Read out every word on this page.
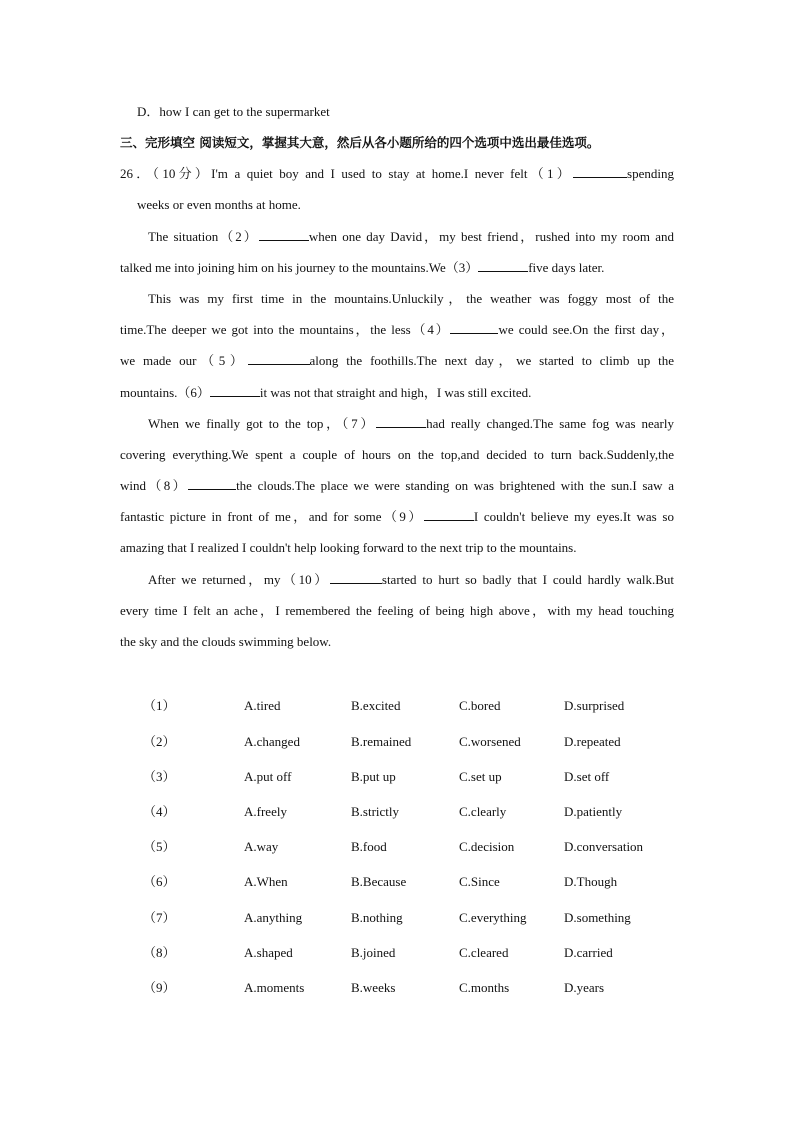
D．how I can get to the supermarket
三、完形填空 阅读短文，掌握其大意，然后从各小题所给的四个选项中选出最佳选项。
26．（10分）I'm a quiet boy and I used to stay at home.I never felt（1）	spending
weeks or even months at home.
The situation（2）	when one day David，my best friend，rushed into my room and
talked me into joining him on his journey to the mountains.We（3）	five days later.
This was my first time in the mountains.Unluckily，the weather was foggy most of the
time.The deeper we got into the mountains，the less（4）	we could see.On the first day，
we made our（5）	along the foothills.The next day，we started to climb up the
mountains.（6）	it was not that straight and high，I was still excited.
When we finally got to the top，（7）	had really changed.The same fog was nearly
covering everything.We spent a couple of hours on the top,and decided to turn back.Suddenly,the
wind（8）	the clouds.The place we were standing on was brightened with the sun.I saw a
fantastic picture in front of me，and for some（9）	I couldn't believe my eyes.It was so
amazing that I realized I couldn't help looking forward to the next trip to the mountains.
After we returned，my（10）	started to hurt so badly that I could hardly walk.But
every time I felt an ache，I remembered the feeling of being high above，with my head touching
the sky and the clouds swimming below.
（1）	A.tired	B.excited	C.bored	D.surprised
（2）	A.changed	B.remained	C.worsened	D.repeated
（3）	A.put off	B.put up	C.set up	D.set off
（4）	A.freely	B.strictly	C.clearly	D.patiently
（5）	A.way	B.food	C.decision	D.conversation
（6）	A.When	B.Because	C.Since	D.Though
（7）	A.anything	B.nothing	C.everything	D.something
（8）	A.shaped	B.joined	C.cleared	D.carried
（9）	A.moments	B.weeks	C.months	D.years
